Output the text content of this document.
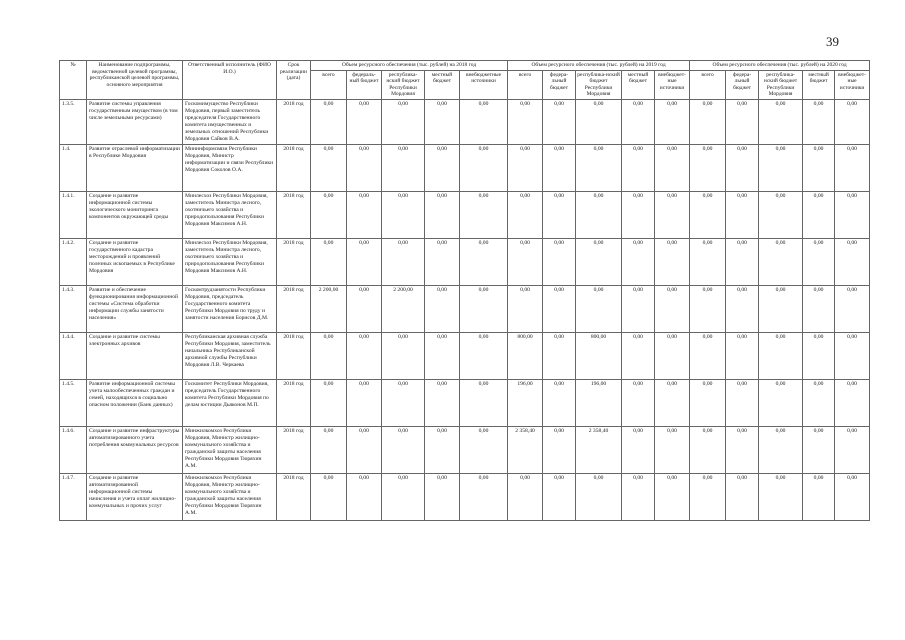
39
№	Наименование подпрограммы, ведомственной целевой программы, республиканской целевой программы, основного мероприятия	Ответственный исполнитель (ФИО И.О.)	Срок реализации (дата)	Объем ресурсного обеспечения (тыс. рублей) на 2018 год					Объем ресурсного обеспечения (тыс. рублей) на 2019 год					Объем ресурсного обеспечения (тыс. рублей) на 2020 год				
				всего	федераль-ный бюджет	республика-нский бюджет Республики Мордовия	местный бюджет	внебюджетные источники	всего	федера-льный бюджет	республика-нский бюджет Республики Мордовия	местный бюджет	внебюджет-ные источники	всего	федера-льный бюджет	республика-нский бюджет Республики Мордовия	местный бюджет	внебюджет-ные источники
1.3.5.	Развитие системы управления государственным имуществом (в том числе земельными ресурсами)	Госкомимущество Республики Мордовия, первый заместитель председателя Государственного комитета имущественных и земельных отношений Республики Мордовия Сайков В.А.	2018 год	0,00	0,00	0,00	0,00	0,00	0,00	0,00	0,00	0,00	0,00	0,00	0,00	0,00	0,00	0,00
1.4.	Развитие отраслевой информатизации в Республике Мордовия	Мининформсвязи Республики Мордовия, Министр информатизации и связи Республики Мордовия Соколов О.А.	2018 год	0,00	0,00	0,00	0,00	0,00	0,00	0,00	0,00	0,00	0,00	0,00	0,00	0,00	0,00	0,00
1.4.1.	Создание и развитие информационной системы экологического мониторинга компонентов окружающей среды	Минлесхоз Республики Мордовия, заместитель Министра лесного, охотничьего хозяйства и природопользования Республики Мордовия Максимов А.Н.	2018 год	0,00	0,00	0,00	0,00	0,00	0,00	0,00	0,00	0,00	0,00	0,00	0,00	0,00	0,00	0,00
1.4.2.	Создание и развитие государственного кадастра месторождений и проявлений полезных ископаемых в Республике Мордовия	Минлесхоз Республики Мордовия, заместитель Министра лесного, охотничьего хозяйства и природопользования Республики Мордовия Максимов А.Н.	2018 год	0,00	0,00	0,00	0,00	0,00	0,00	0,00	0,00	0,00	0,00	0,00	0,00	0,00	0,00	0,00
1.4.3.	Развитие и обеспечение функционирования информационной системы «Система обработки информации службы занятости населения»	Госкомтрудзанятости Республики Мордовия, председатель Государственного комитета Республики Мордовия по труду и занятости населения Борисов Д.М.	2018 год	2 200,00	0,00	2 200,00	0,00	0,00	0,00	0,00	0,00	0,00	0,00	0,00	0,00	0,00	0,00	0,00
1.4.4.	Создание и развитие системы электронных архивов	Республиканская архивная служба Республики Мордовия, заместитель начальника Республиканской архивной службы Республики Мордовия Л.В. Черкаева	2018 год	0,00	0,00	0,00	0,00	0,00	800,00	0,00	800,00	0,00	0,00	0,00	0,00	0,00	0,00	0,00
1.4.5.	Развитие информационной системы учета малообеспеченных граждан и семей, находящихся в социально опасном положении (Банк данных)	Госкомитет Республики Мордовия, председатель Государственного комитета Республики Мордовия по делам юстиции Дьяконов М.П.	2018 год	0,00	0,00	0,00	0,00	0,00	196,00	0,00	196,00	0,00	0,00	0,00	0,00	0,00	0,00	0,00
1.4.6.	Создание и развитие инфраструктуры автоматизированного учета потребления коммунальных ресурсов	Минжилкомхоз Республики Мордовия, Министр жилищно-коммунального хозяйства и гражданской защиты населения Республики Мордовия Тюряхин А.М.	2018 год	0,00	0,00	0,00	0,00	0,00	2 358,40	0,00	2 358,40	0,00	0,00	0,00	0,00	0,00	0,00	0,00
1.4.7.	Создание и развитие автоматизированной информационной системы начисления и учета оплат жилищно-коммунальных и прочих услуг	Минжилкомхоз Республики Мордовия, Министр жилищно-коммунального хозяйства и гражданской защиты населения Республики Мордовия Тюряхин А.М.	2018 год	0,00	0,00	0,00	0,00	0,00	0,00	0,00	0,00	0,00	0,00	0,00	0,00	0,00	0,00	0,00
